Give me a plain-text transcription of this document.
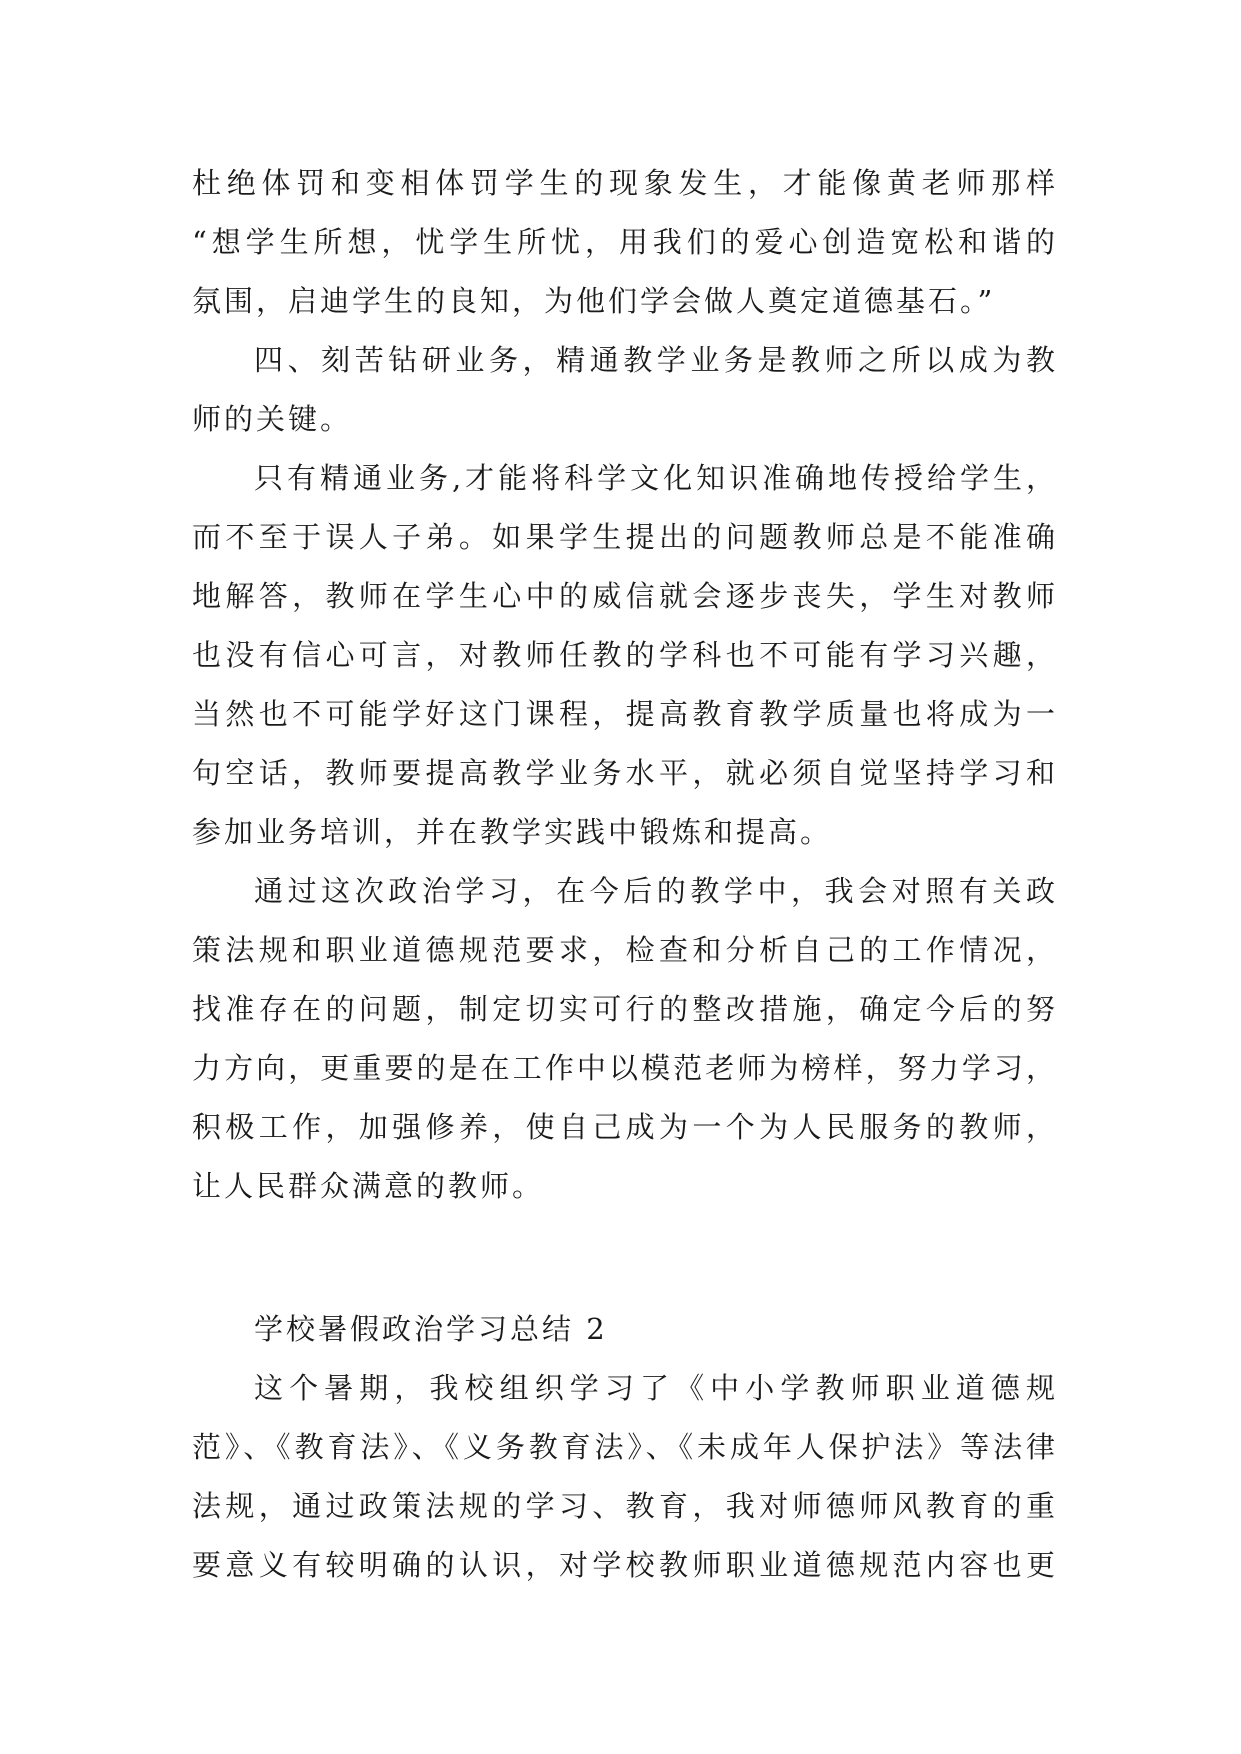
杜绝体罚和变相体罚学生的现象发生，才能像黄老师那样
“想学生所想，忧学生所忧，用我们的爱心创造宽松和谐的
氛围，启迪学生的良知，为他们学会做人奠定道德基石。”
四、刻苦钻研业务，精通教学业务是教师之所以成为教
师的关键。
只有精通业务,才能将科学文化知识准确地传授给学生，
而不至于误人子弟。如果学生提出的问题教师总是不能准确
地解答，教师在学生心中的威信就会逐步丧失，学生对教师
也没有信心可言，对教师任教的学科也不可能有学习兴趣，
当然也不可能学好这门课程，提高教育教学质量也将成为一
句空话，教师要提高教学业务水平，就必须自觉坚持学习和
参加业务培训，并在教学实践中锻炼和提高。
通过这次政治学习，在今后的教学中，我会对照有关政
策法规和职业道德规范要求，检查和分析自己的工作情况，
找准存在的问题，制定切实可行的整改措施，确定今后的努
力方向，更重要的是在工作中以模范老师为榜样，努力学习，
积极工作，加强修养，使自己成为一个为人民服务的教师，
让人民群众满意的教师。
学校暑假政治学习总结 2
这个暑期，我校组织学习了《中小学教师职业道德规
范》、《教育法》、《义务教育法》、《未成年人保护法》等法律
法规，通过政策法规的学习、教育，我对师德师风教育的重
要意义有较明确的认识，对学校教师职业道德规范内容也更
